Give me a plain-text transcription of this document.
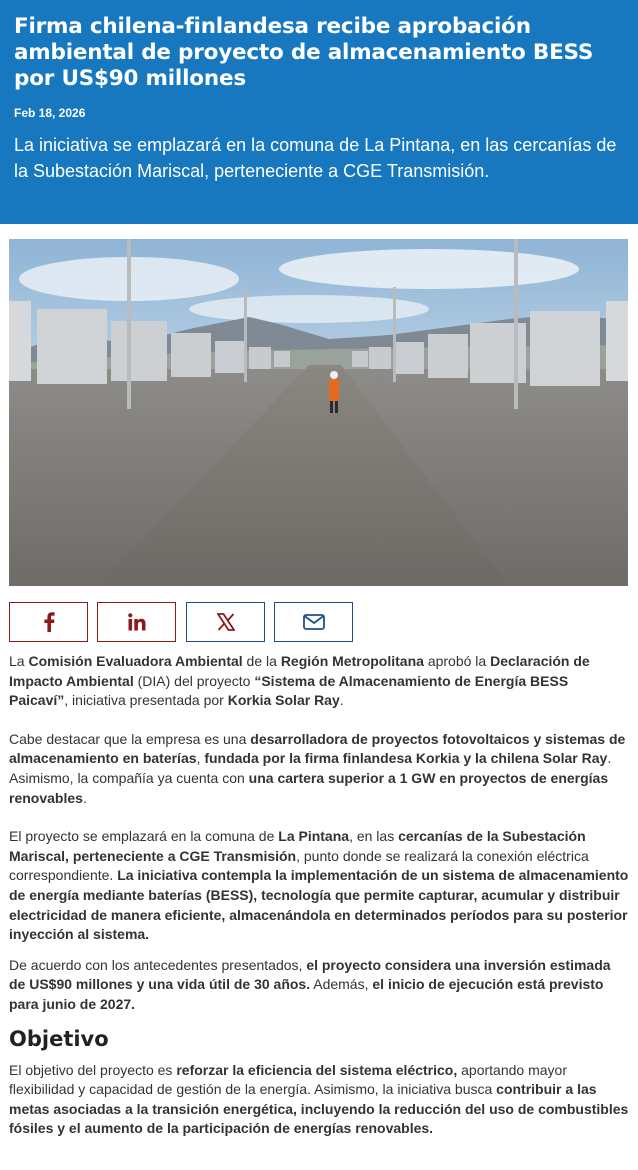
Firma chilena-finlandesa recibe aprobación ambiental de proyecto de almacenamiento BESS por US$90 millones
Feb 18, 2026
La iniciativa se emplazará en la comuna de La Pintana, en las cercanías de la Subestación Mariscal, perteneciente a CGE Transmisión.

La Comisión Evaluadora Ambiental de la Región Metropolitana aprobó la Declaración de Impacto Ambiental (DIA) del proyecto “Sistema de Almacenamiento de Energía BESS Paicaví”, iniciativa presentada por Korkia Solar Ray.

Cabe destacar que la empresa es una desarrolladora de proyectos fotovoltaicos y sistemas de almacenamiento en baterías, fundada por la firma finlandesa Korkia y la chilena Solar Ray. Asimismo, la compañía ya cuenta con una cartera superior a 1 GW en proyectos de energías renovables.

El proyecto se emplazará en la comuna de La Pintana, en las cercanías de la Subestación Mariscal, perteneciente a CGE Transmisión, punto donde se realizará la conexión eléctrica correspondiente. La iniciativa contempla la implementación de un sistema de almacenamiento de energía mediante baterías (BESS), tecnología que permite capturar, acumular y distribuir electricidad de manera eficiente, almacenándola en determinados períodos para su posterior inyección al sistema.

De acuerdo con los antecedentes presentados, el proyecto considera una inversión estimada de US$90 millones y una vida útil de 30 años. Además, el inicio de ejecución está previsto para junio de 2027.

Objetivo

El objetivo del proyecto es reforzar la eficiencia del sistema eléctrico, aportando mayor flexibilidad y capacidad de gestión de la energía. Asimismo, la iniciativa busca contribuir a las metas asociadas a la transición energética, incluyendo la reducción del uso de combustibles fósiles y el aumento de la participación de energías renovables.
